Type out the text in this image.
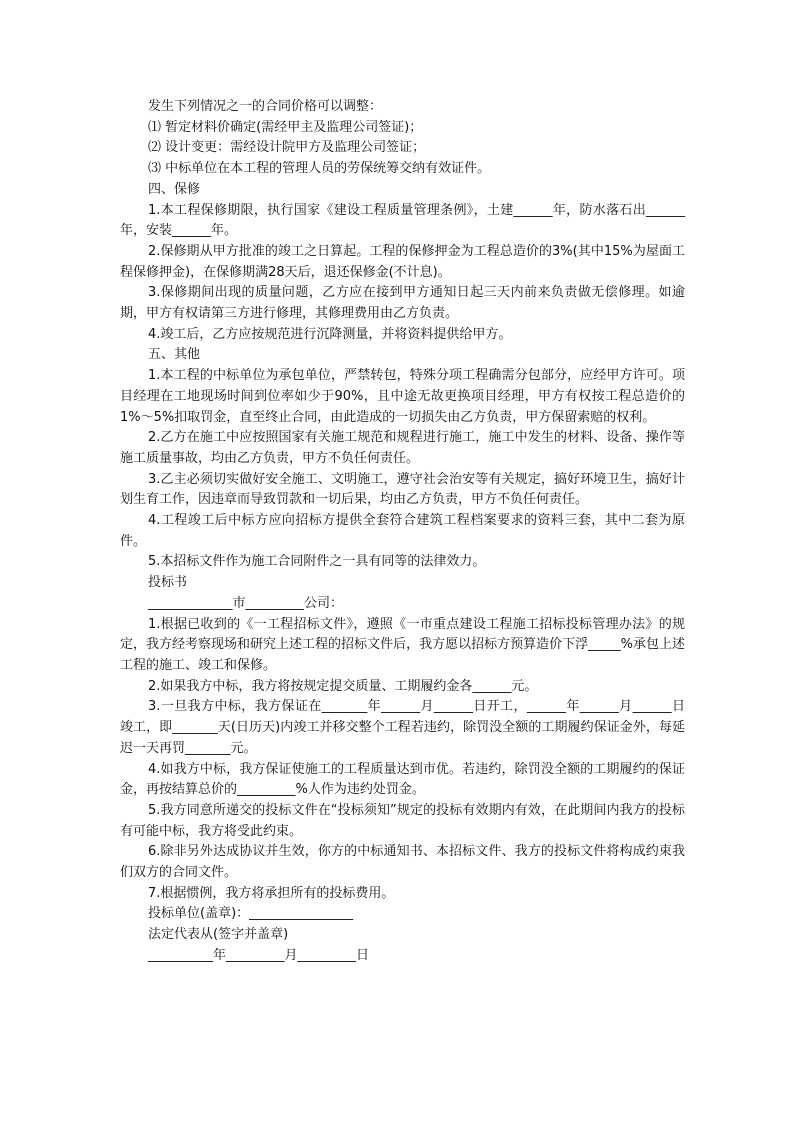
发生下列情况之一的合同价格可以调整：

⑴ 暂定材料价确定(需经甲主及监理公司签证)；

⑵ 设计变更：需经设计院甲方及监理公司签证；

⑶ 中标单位在本工程的管理人员的劳保统筹交纳有效证件。

四、保修

1.本工程保修期限，执行国家《建设工程质量管理条例》，土建______年，防水落石出______年，安装______年。

2.保修期从甲方批准的竣工之日算起。工程的保修押金为工程总造价的3%(其中15%为屋面工程保修押金)，在保修期满28天后，退还保修金(不计息)。

3.保修期间出现的质量问题，乙方应在接到甲方通知日起三天内前来负责做无偿修理。如逾期，甲方有权请第三方进行修理，其修理费用由乙方负责。

4.竣工后，乙方应按规范进行沉降测量，并将资料提供给甲方。

五、其他

1.本工程的中标单位为承包单位，严禁转包，特殊分项工程确需分包部分，应经甲方许可。项目经理在工地现场时间到位率如少于90%，且中途无故更换项目经理，甲方有权按工程总造价的1%～5%扣取罚金，直至终止合同，由此造成的一切损失由乙方负责，甲方保留索赔的权利。

2.乙方在施工中应按照国家有关施工规范和规程进行施工，施工中发生的材料、设备、操作等施工质量事故，均由乙方负责，甲方不负任何责任。

3.乙主必须切实做好安全施工、文明施工，遵守社会治安等有关规定，搞好环境卫生，搞好计划生育工作，因违章而导致罚款和一切后果，均由乙方负责，甲方不负任何责任。

4.工程竣工后中标方应向招标方提供全套符合建筑工程档案要求的资料三套，其中二套为原件。

5.本招标文件作为施工合同附件之一具有同等的法律效力。

投标书

_____________市_________公司：

1.根据已收到的《一工程招标文件》，遵照《一市重点建设工程施工招标投标管理办法》的规定，我方经考察现场和研究上述工程的招标文件后，我方愿以招标方预算造价下浮_____%承包上述工程的施工、竣工和保修。

2.如果我方中标，我方将按规定提交质量、工期履约金各______元。

3.一旦我方中标，我方保证在_______年______月______日开工，______年______月______日竣工，即_______天(日历天)内竣工并移交整个工程若违约，除罚没全额的工期履约保证金外，每延迟一天再罚_______元。

4.如我方中标，我方保证使施工的工程质量达到市优。若违约，除罚没全额的工期履约的保证金，再按结算总价的_________%人作为违约处罚金。

5.我方同意所递交的投标文件在“投标须知”规定的投标有效期内有效，在此期间内我方的投标有可能中标，我方将受此约束。

6.除非另外达成协议并生效，你方的中标通知书、本招标文件、我方的投标文件将构成约束我们双方的合同文件。

7.根据惯例，我方将承担所有的投标费用。

投标单位(盖章)：________________

法定代表从(签字并盖章)

__________年_________月_________日
